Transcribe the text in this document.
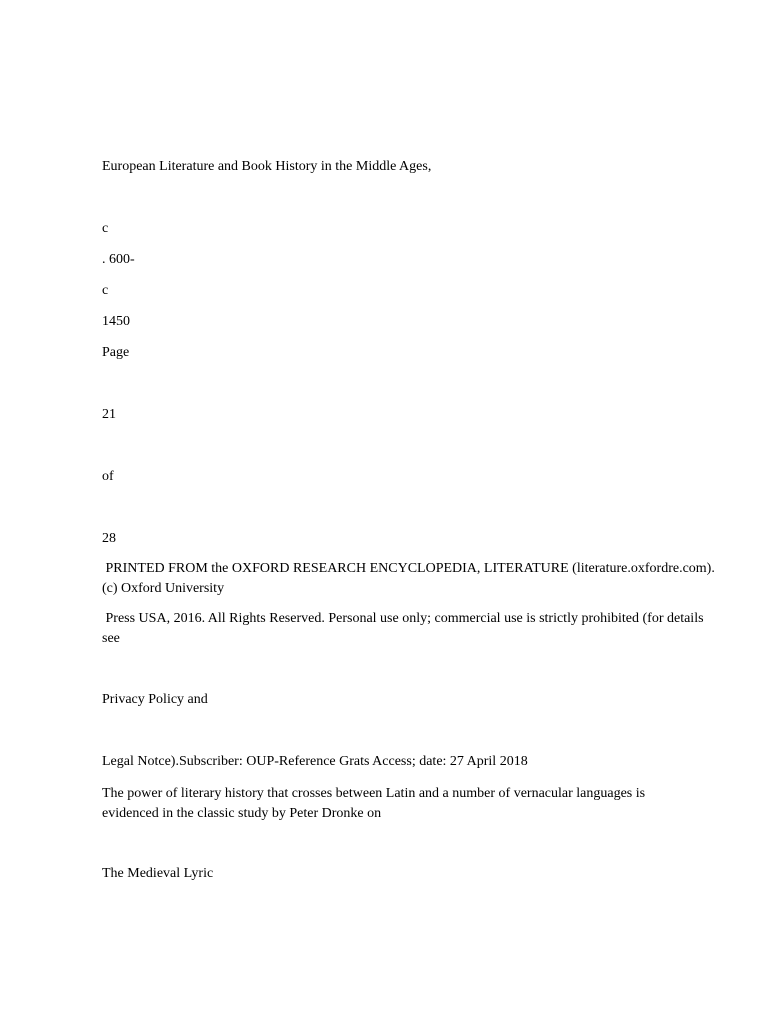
European Literature and Book History in the Middle Ages,
c
. 600-
c
1450
Page
21
of
28
PRINTED FROM the OXFORD RESEARCH ENCYCLOPEDIA, LITERATURE (literature.oxfordre.com). (c) Oxford University
Press USA, 2016. All Rights Reserved. Personal use only; commercial use is strictly prohibited (for details see
Privacy Policy and
Legal Notce).Subscriber: OUP-Reference Grats Access; date: 27 April 2018
The power of literary history that crosses between Latin and a number of vernacular languages is evidenced in the classic study by Peter Dronke on
The Medieval Lyric
